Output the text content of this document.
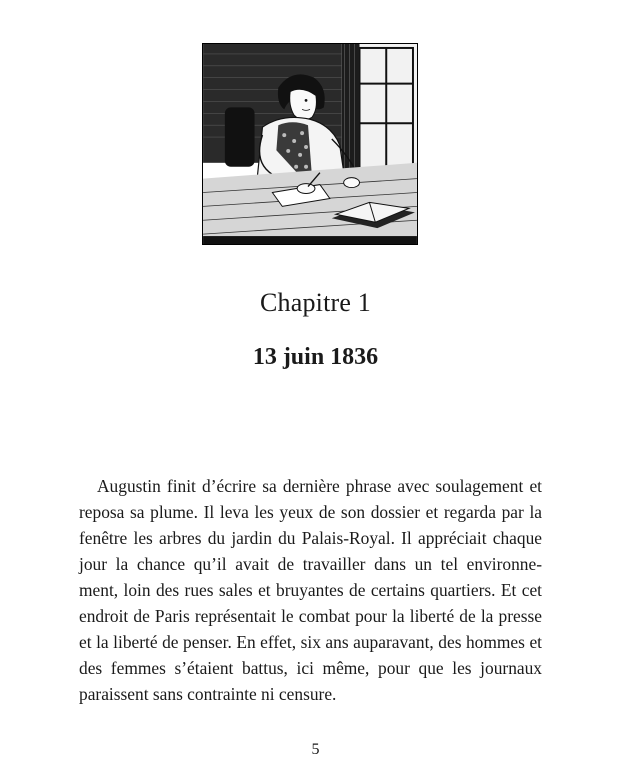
Chapitre 1
13 juin 1836

Augustin finit d’écrire sa dernière phrase avec soulagement et
reposa sa plume. Il leva les yeux de son dossier et regarda par la
fenêtre les arbres du jardin du Palais-Royal. Il appréciait chaque
jour la chance qu’il avait de travailler dans un tel environne-
ment, loin des rues sales et bruyantes de certains quartiers. Et cet
endroit de Paris représentait le combat pour la liberté de la presse
et la liberté de penser. En effet, six ans auparavant, des hommes et
des femmes s’étaient battus, ici même, pour que les journaux
paraissent sans contrainte ni censure.

5
